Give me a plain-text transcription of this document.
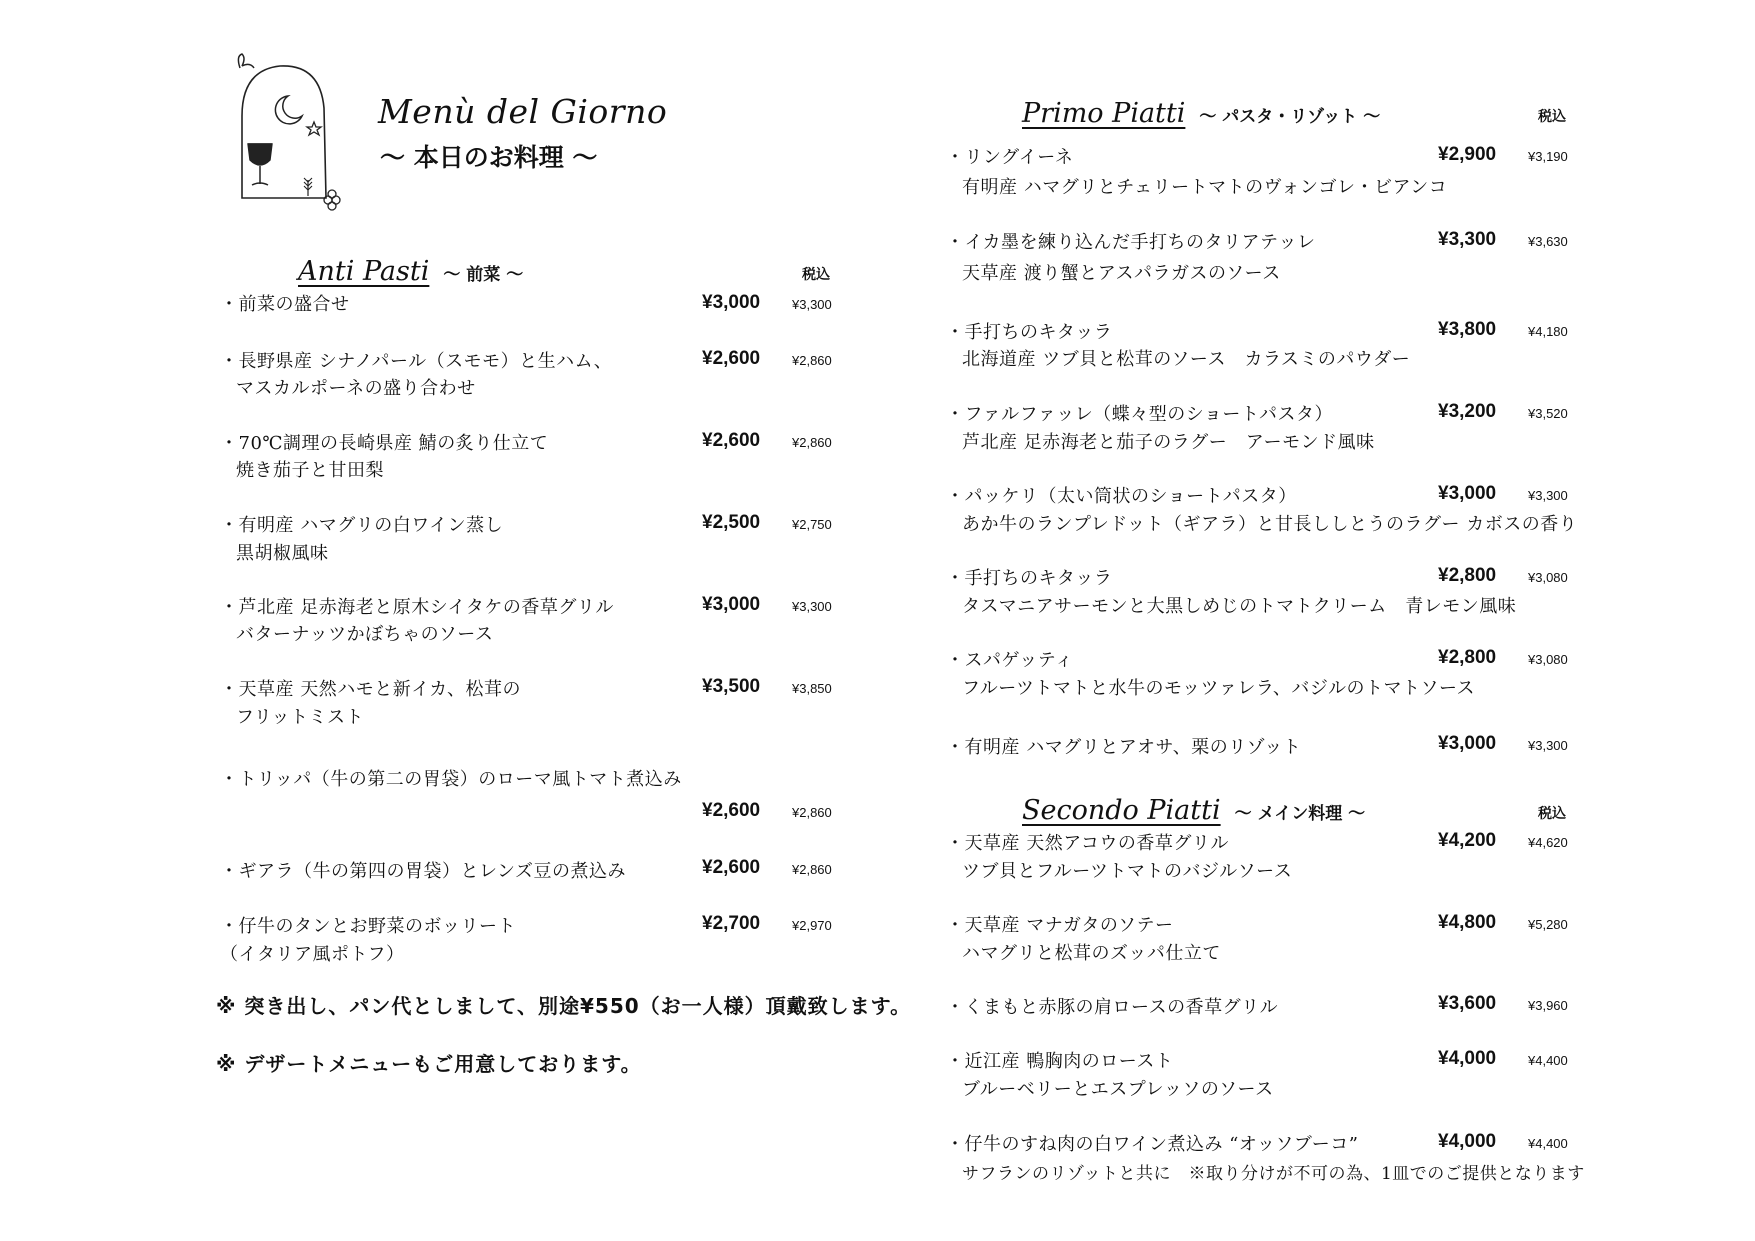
Menù del Giorno
〜 本日のお料理 〜
Anti Pasti 〜 前菜 〜	税込
・前菜の盛合せ	¥3,000 ¥3,300
・長野県産 シナノパール（スモモ）と生ハム、
マスカルポーネの盛り合わせ
¥2,600 ¥2,860
・70℃調理の長崎県産 鯖の炙り仕立て
焼き茄子と甘田梨
¥2,600 ¥2,860
・有明産 ハマグリの白ワイン蒸し
黒胡椒風味
¥2,500 ¥2,750
・芦北産 足赤海老と原木シイタケの香草グリル
バターナッツかぼちゃのソース
¥3,000 ¥3,300
・天草産 天然ハモと新イカ、松茸の
フリットミスト
¥3,500 ¥3,850
・トリッパ（牛の第二の胃袋）のローマ風トマト煮込み
¥2,600 ¥2,860
・ギアラ（牛の第四の胃袋）とレンズ豆の煮込み	¥2,600 ¥2,860
・仔牛のタンとお野菜のボッリート
（イタリア風ポトフ）
¥2,700 ¥2,970
※ 突き出し、パン代としまして、別途¥550（お一人様）頂戴致します。
※ デザートメニューもご用意しております。
Primo Piatti 〜 パスタ・リゾット 〜	税込
・リングイーネ
有明産 ハマグリとチェリートマトのヴォンゴレ・ビアンコ
¥2,900 ¥3,190
・イカ墨を練り込んだ手打ちのタリアテッレ
天草産 渡り蟹とアスパラガスのソース
¥3,300 ¥3,630
・手打ちのキタッラ
北海道産 ツブ貝と松茸のソース　カラスミのパウダー
¥3,800 ¥4,180
・ファルファッレ（蝶々型のショートパスタ）
芦北産 足赤海老と茄子のラグー　アーモンド風味
¥3,200 ¥3,520
・パッケリ（太い筒状のショートパスタ）
あか牛のランプレドット（ギアラ）と甘長ししとうのラグー カボスの香り
¥3,000 ¥3,300
・手打ちのキタッラ
タスマニアサーモンと大黒しめじのトマトクリーム　青レモン風味
¥2,800 ¥3,080
・スパゲッティ
フルーツトマトと水牛のモッツァレラ、バジルのトマトソース
¥2,800 ¥3,080
・有明産 ハマグリとアオサ、栗のリゾット	¥3,000 ¥3,300
Secondo Piatti 〜 メイン料理 〜	税込
・天草産 天然アコウの香草グリル
ツブ貝とフルーツトマトのバジルソース
¥4,200 ¥4,620
・天草産 マナガタのソテー
ハマグリと松茸のズッパ仕立て
¥4,800 ¥5,280
・くまもと赤豚の肩ロースの香草グリル	¥3,600 ¥3,960
・近江産 鴨胸肉のロースト
ブルーベリーとエスプレッソのソース
¥4,000 ¥4,400
・仔牛のすね肉の白ワイン煮込み “オッソブーコ”
サフランのリゾットと共に　※取り分けが不可の為、1皿でのご提供となります
¥4,000 ¥4,400
